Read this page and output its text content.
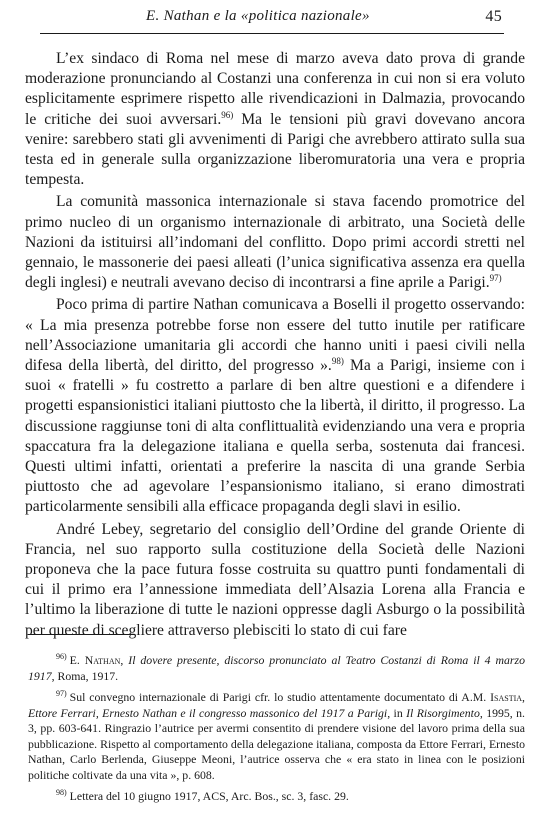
E. Nathan e la «politica nazionale»	45

L’ex sindaco di Roma nel mese di marzo aveva dato prova di grande moderazione pronunciando al Costanzi una conferenza in cui non si era voluto esplicitamente esprimere rispetto alle rivendicazioni in Dalmazia, provocando le critiche dei suoi avversari.$^{96)}$ Ma le tensioni più gravi dovevano ancora venire: sarebbero stati gli avvenimenti di Parigi che avrebbero attirato sulla sua testa ed in generale sulla organizzazione liberomuratoria una vera e propria tempesta.

La comunità massonica internazionale si stava facendo promotrice del primo nucleo di un organismo internazionale di arbitrato, una Società delle Nazioni da istituirsi all’indomani del conflitto. Dopo primi accordi stretti nel gennaio, le massonerie dei paesi alleati (l’unica significativa assenza era quella degli inglesi) e neutrali avevano deciso di incontrarsi a fine aprile a Parigi.$^{97)}$

Poco prima di partire Nathan comunicava a Boselli il progetto osservando: « La mia presenza potrebbe forse non essere del tutto inutile per ratificare nell’Associazione umanitaria gli accordi che hanno uniti i paesi civili nella difesa della libertà, del diritto, del progresso ».$^{98)}$ Ma a Parigi, insieme con i suoi « fratelli » fu costretto a parlare di ben altre questioni e a difendere i progetti espansionistici italiani piuttosto che la libertà, il diritto, il progresso. La discussione raggiunse toni di alta conflittualità evidenziando una vera e propria spaccatura fra la delegazione italiana e quella serba, sostenuta dai francesi. Questi ultimi infatti, orientati a preferire la nascita di una grande Serbia piuttosto che ad agevolare l’espansionismo italiano, si erano dimostrati particolarmente sensibili alla efficace propaganda degli slavi in esilio.

André Lebey, segretario del consiglio dell’Ordine del grande Oriente di Francia, nel suo rapporto sulla costituzione della Società delle Nazioni proponeva che la pace futura fosse costruita su quattro punti fondamentali di cui il primo era l’annessione immediata dell’Alsazia Lorena alla Francia e l’ultimo la liberazione di tutte le nazioni oppresse dagli Asburgo o la possibilità per queste di scegliere attraverso plebisciti lo stato di cui fare

$^{96)}$ E. Nathan, Il dovere presente, discorso pronunciato al Teatro Costanzi di Roma il 4 marzo 1917, Roma, 1917.

$^{97)}$ Sul convegno internazionale di Parigi cfr. lo studio attentamente documentato di A.M. Isastia, Ettore Ferrari, Ernesto Nathan e il congresso massonico del 1917 a Parigi, in Il Risorgimento, 1995, n. 3, pp. 603-641. Ringrazio l’autrice per avermi consentito di prendere visione del lavoro prima della sua pubblicazione. Rispetto al comportamento della delegazione italiana, composta da Ettore Ferrari, Ernesto Nathan, Carlo Berlenda, Giuseppe Meoni, l’autrice osserva che « era stato in linea con le posizioni politiche coltivate da una vita », p. 608.

$^{98)}$ Lettera del 10 giugno 1917, ACS, Arc. Bos., sc. 3, fasc. 29.
